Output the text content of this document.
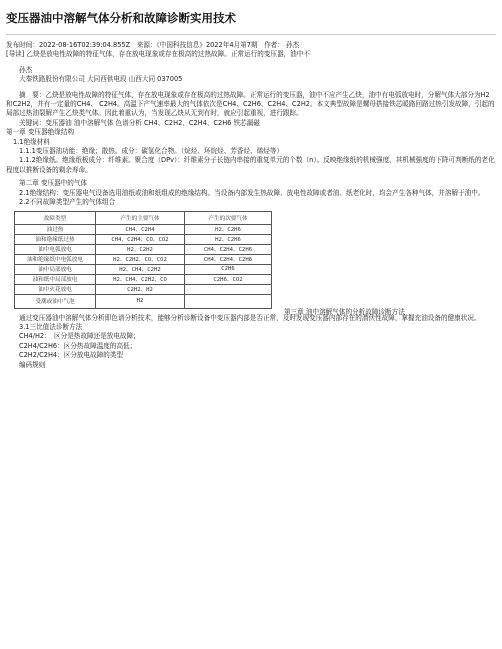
变压器油中溶解气体分析和故障诊断实用技术

发布时间：2022-08-16T02:39:04.855Z　来源：《中国科技信息》2022年4月第7期　作者： 孙杰

[导读] 乙炔是放电性故障的特征气体，存在放电现象或存在极高的过热故障。正常运行的变压器，油中不

孙杰

大秦铁路股份有限公司 大同西供电段 山西大同 037005

摘　要：乙炔是放电性故障的特征气体，存在放电现象或存在极高的过热故障。正常运行的变压器，油中不应产生乙炔，油中有电弧放电时，分解气体大部分为H2和C2H2，并有一定量的CH4、 C2H4。高温下产气速率最大的气体依次是CH4、C2H6、C2H4、C2H2。本文典型故障是螺母搭接铁芯暖路回路过热引发故障，引起的局部过热油裂解产生乙炔类气体。因此着重认为，当发现乙炔从无到有时，就应引起重视，进行跟踪。

关键词：变压器油 油中溶解气体 色谱分析 CH4、C2H2、C2H4、C2H6 铁芯漏磁

第一章 变压器绝缘结构

1.1绝缘材料

1.1.1变压器油功能：绝缘；散热。成分：碳氢化合物。（烷烃、环烷烃、芳香烃、烯烃等）

1.1.2绝缘纸。绝缘纸板成分：纤维素。聚合度（DPv）：纤维素分子长链内串接的重复单元的个数（n）。反映绝缘纸的机械强度，其机械强度的下降可判断纸的老化程度以推断设备的剩余寿命。

第二章 变压器中的气体

2.1绝缘结构：变压器电气设备选用油纸或油和纸组成的绝缘结构。当设备内部发生热故障、放电性故障或者油、纸老化时，均会产生各种气体，并溶解于油中。

2.2不同故障类型产生的气体组合

故障类型	产生的主要气体	产生的次要气体
油过热	CH4、C2H4	H2、C2H6
油和绝缘纸过热	CH4、C2H4、CO、CO2	H2、C2H6
油中电弧放电	H2、C2H2	CH4、C2H4、C2H6
油和绝缘纸中电弧放电	H2、C2H2、CO、CO2	CH4、C2H4、C2H6
油中局部放电	H2、CH4、C2H2	C2H6
油和纸中局部放电	H2、CH4、C2H2、CO	C2H6、CO2
油中火花放电	C2H2、H2	
受潮或油中气泡	H2	
第三章 油中溶解气体的分析故障诊断方法

通过变压器油中溶解气体分析即色谱分析技术，能够分析诊断设备中变压器内部是否正常，及时发现变压器内部存在的潜伏性故障，掌握充油设备的健康状况。

3.1三比值法诊断方法

CH4/H2：　区分是热故障还是放电故障；

C2H4/C2H6：区分热故障温度的高低；

C2H2/C2H4：区分放电故障的类型

编码规则
